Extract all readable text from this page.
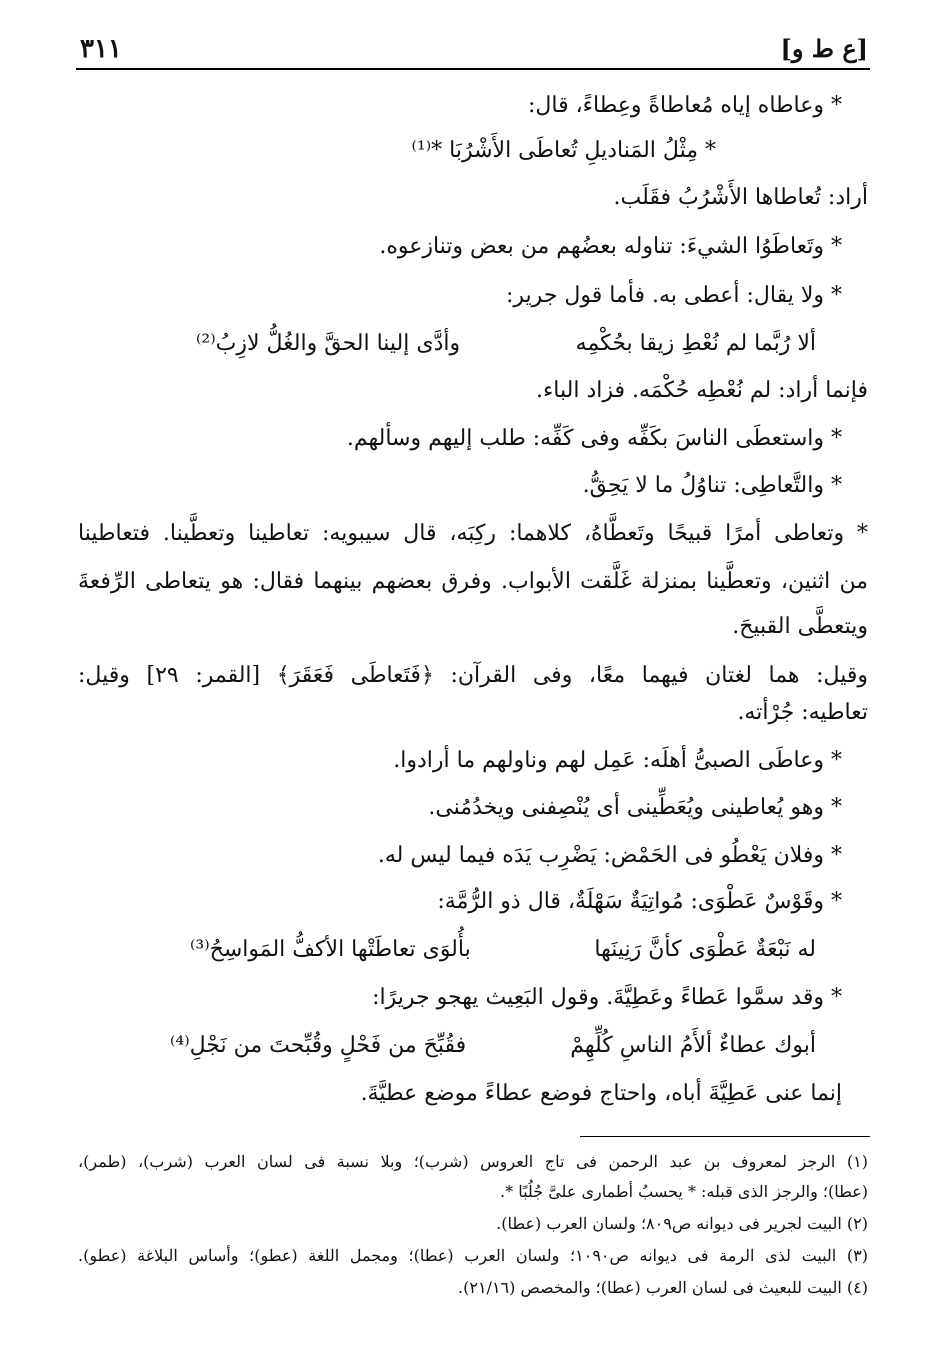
[ع ط و]
٣١١
* وعاطاه إياه مُعاطاةً وعِطاءً، قال:
* مِثْلُ المَناديلِ تُعاطَى الأَشْرُبَا *⁽¹⁾
أراد: تُعاطاها الأَشْرُبُ فقَلَب.
* وتَعاطَوُا الشيءَ: تناوله بعضُهم من بعض وتنازعوه.
* ولا يقال: أعطى به. فأما قول جرير:
ألا رُبَّما لم نُعْطِ زيقا بحُكْمِه
وأدَّى إلينا الحقَّ والغُلُّ لازِبُ⁽²⁾
فإنما أراد: لم نُعْطِه حُكْمَه. فزاد الباء.
* واستعطَى الناسَ بكَفِّه وفى كَفِّه: طلب إليهم وسألهم.
* والتَّعاطِى: تناوُلُ ما لا يَحِقُّ.
* وتعاطى أمرًا قبيحًا وتَعطَّاهُ، كلاهما: ركِبَه، قال سيبويه: تعاطينا وتعطَّينا. فتعاطينا
من اثنين، وتعطَّينا بمنزلة غَلَّقت الأبواب. وفرق بعضهم بينهما فقال: هو يتعاطى الرِّفعةَ
ويتعطَّى القبيحَ.
وقيل: هما لغتان فيهما معًا، وفى القرآن: ﴿فَتَعاطَى فَعَقَرَ﴾ [القمر: ٢٩] وقيل:
تعاطيه: جُرْأته.
* وعاطَى الصبىُّ أهلَه: عَمِل لهم وناولهم ما أرادوا.
* وهو يُعاطينى ويُعَطِّينى أى يُنْصِفنى ويخدُمُنى.
* وفلان يَعْطُو فى الحَمْض: يَضْرِب يَدَه فيما ليس له.
* وقَوْسٌ عَطْوَى: مُواتِيَةٌ سَهْلَةٌ، قال ذو الرُّمَّة:
له نَبْعَةٌ عَطْوَى كأنَّ رَنِينَها
بأُلوَى تعاطَتْها الأكفُّ المَواسِحُ⁽³⁾
* وقد سمَّوا عَطاءً وعَطِيَّةَ. وقول البَعِيث يهجو جريرًا:
أبوك عطاءٌ ألأَمُ الناسِ كُلِّهِمْ
فقُبِّحَ من فَحْلٍ وقُبِّحتَ من نَجْلِ⁽⁴⁾
إنما عنى عَطِيَّةَ أباه، واحتاج فوضع عطاءً موضع عطيَّةَ.
(١) الرجز لمعروف بن عبد الرحمن فى تاج العروس (شرب)؛ وبلا نسبة فى لسان العرب (شرب)، (طمر)،
(عطا)؛ والرجز الذى قبله: * يحسبُ أطمارى علىَّ جُلُبًا *.
(٢) البيت لجرير فى ديوانه ص٨٠٩؛ ولسان العرب (عطا).
(٣) البيت لذى الرمة فى ديوانه ص١٠٩٠؛ ولسان العرب (عطا)؛ ومجمل اللغة (عطو)؛ وأساس البلاغة (عطو).
(٤) البيت للبعيث فى لسان العرب (عطا)؛ والمخصص (٢١/١٦).
